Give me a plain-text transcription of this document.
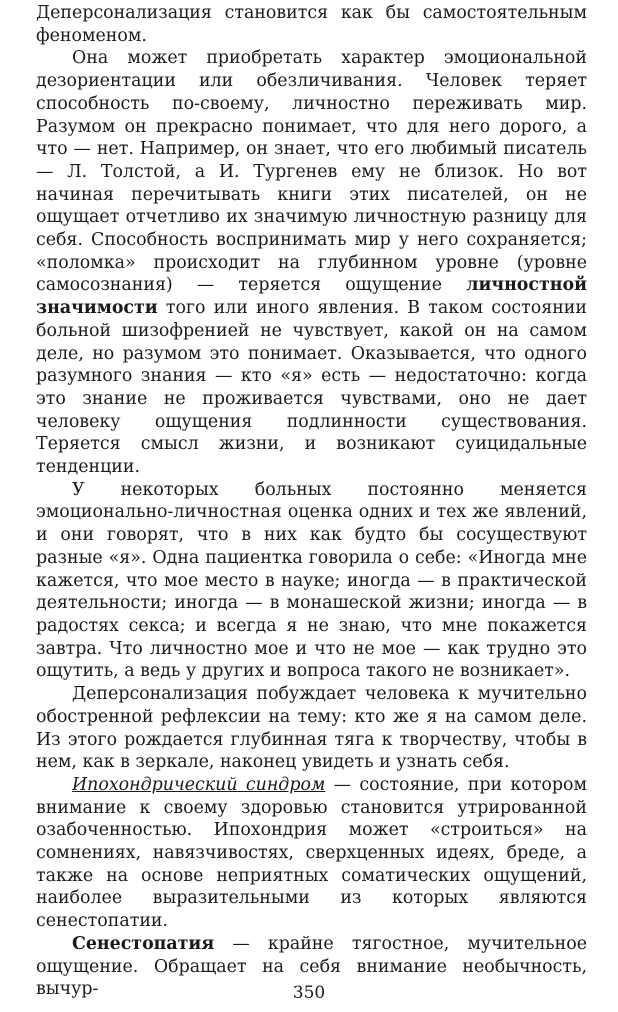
Деперсонализация становится как бы самостоятельным феноменом.

Она может приобретать характер эмоциональной дезориентации или обезличивания. Человек теряет способность по-своему, личностно переживать мир. Разумом он прекрасно понимает, что для него дорого, а что — нет. Например, он знает, что его любимый писатель — Л. Толстой, а И. Тургенев ему не близок. Но вот начиная перечитывать книги этих писателей, он не ощущает отчетливо их значимую личностную разницу для себя. Способность воспринимать мир у него сохраняется; «поломка» происходит на глубинном уровне (уровне самосознания) — теряется ощущение личностной значимости того или иного явления. В таком состоянии больной шизофренией не чувствует, какой он на самом деле, но разумом это понимает. Оказывается, что одного разумного знания — кто «я» есть — недостаточно: когда это знание не проживается чувствами, оно не дает человеку ощущения подлинности существования. Теряется смысл жизни, и возникают суицидальные тенденции.

У некоторых больных постоянно меняется эмоционально-личностная оценка одних и тех же явлений, и они говорят, что в них как будто бы сосуществуют разные «я». Одна пациентка говорила о себе: «Иногда мне кажется, что мое место в науке; иногда — в практической деятельности; иногда — в монашеской жизни; иногда — в радостях секса; и всегда я не знаю, что мне покажется завтра. Что личностно мое и что не мое — как трудно это ощутить, а ведь у других и вопроса такого не возникает».

Деперсонализация побуждает человека к мучительно обостренной рефлексии на тему: кто же я на самом деле. Из этого рождается глубинная тяга к творчеству, чтобы в нем, как в зеркале, наконец увидеть и узнать себя.

Ипохондрический синдром — состояние, при котором внимание к своему здоровью становится утрированной озабоченностью. Ипохондрия может «строиться» на сомнениях, навязчивостях, сверхценных идеях, бреде, а также на основе неприятных соматических ощущений, наиболее выразительными из которых являются сенестопатии.

Сенестопатия — крайне тягостное, мучительное ощущение. Обращает на себя внимание необычность, вычур-	350
